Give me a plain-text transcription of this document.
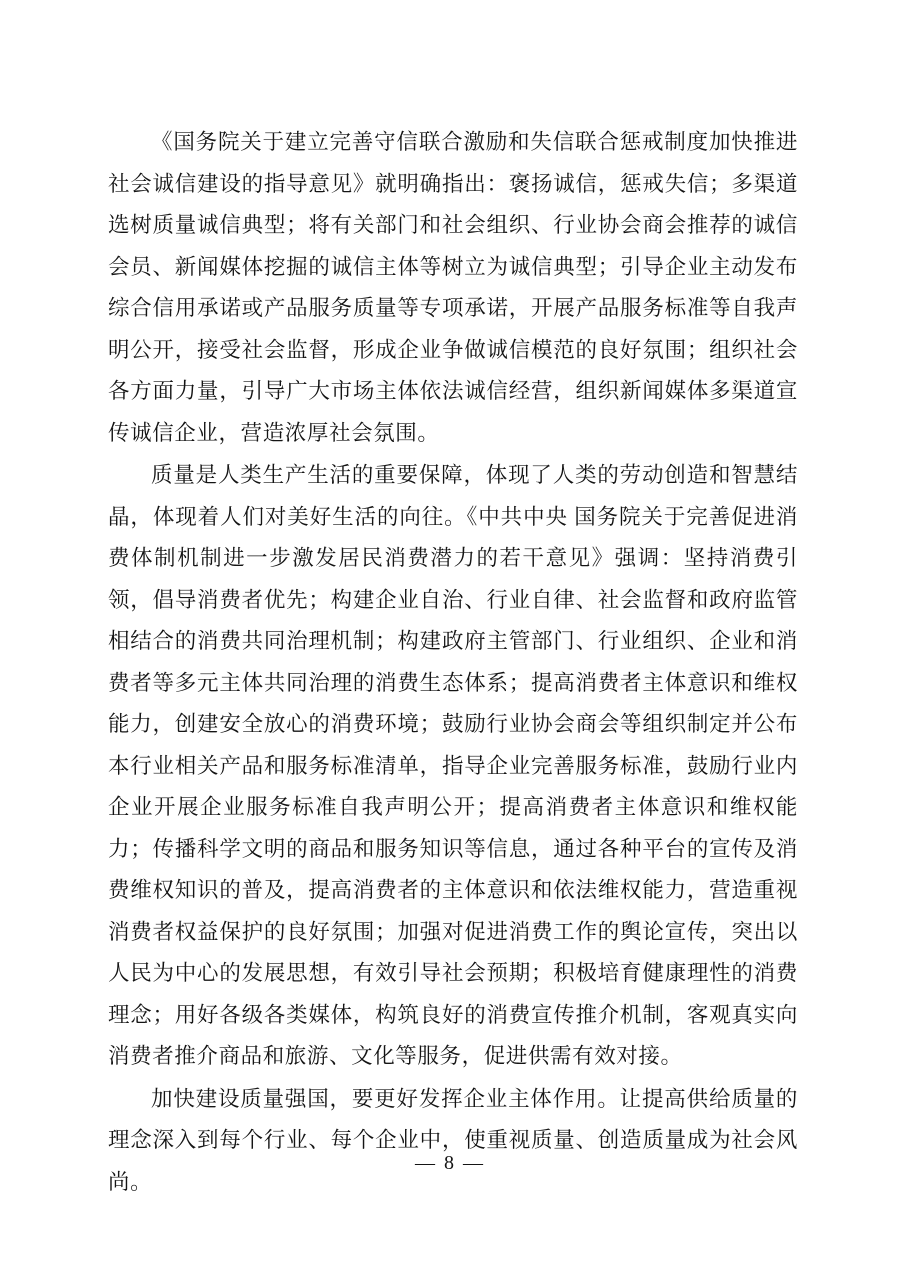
《国务院关于建立完善守信联合激励和失信联合惩戒制度加快推进社会诚信建设的指导意见》就明确指出：褒扬诚信，惩戒失信；多渠道选树质量诚信典型；将有关部门和社会组织、行业协会商会推荐的诚信会员、新闻媒体挖掘的诚信主体等树立为诚信典型；引导企业主动发布综合信用承诺或产品服务质量等专项承诺，开展产品服务标准等自我声明公开，接受社会监督，形成企业争做诚信模范的良好氛围；组织社会各方面力量，引导广大市场主体依法诚信经营，组织新闻媒体多渠道宣传诚信企业，营造浓厚社会氛围。

质量是人类生产生活的重要保障，体现了人类的劳动创造和智慧结晶，体现着人们对美好生活的向往。《中共中央 国务院关于完善促进消费体制机制进一步激发居民消费潜力的若干意见》强调：坚持消费引领，倡导消费者优先；构建企业自治、行业自律、社会监督和政府监管相结合的消费共同治理机制；构建政府主管部门、行业组织、企业和消费者等多元主体共同治理的消费生态体系；提高消费者主体意识和维权能力，创建安全放心的消费环境；鼓励行业协会商会等组织制定并公布本行业相关产品和服务标准清单，指导企业完善服务标准，鼓励行业内企业开展企业服务标准自我声明公开；提高消费者主体意识和维权能力；传播科学文明的商品和服务知识等信息，通过各种平台的宣传及消费维权知识的普及，提高消费者的主体意识和依法维权能力，营造重视消费者权益保护的良好氛围；加强对促进消费工作的舆论宣传，突出以人民为中心的发展思想，有效引导社会预期；积极培育健康理性的消费理念；用好各级各类媒体，构筑良好的消费宣传推介机制，客观真实向消费者推介商品和旅游、文化等服务，促进供需有效对接。

加快建设质量强国，要更好发挥企业主体作用。让提高供给质量的理念深入到每个行业、每个企业中，使重视质量、创造质量成为社会风尚。

— 8 —
